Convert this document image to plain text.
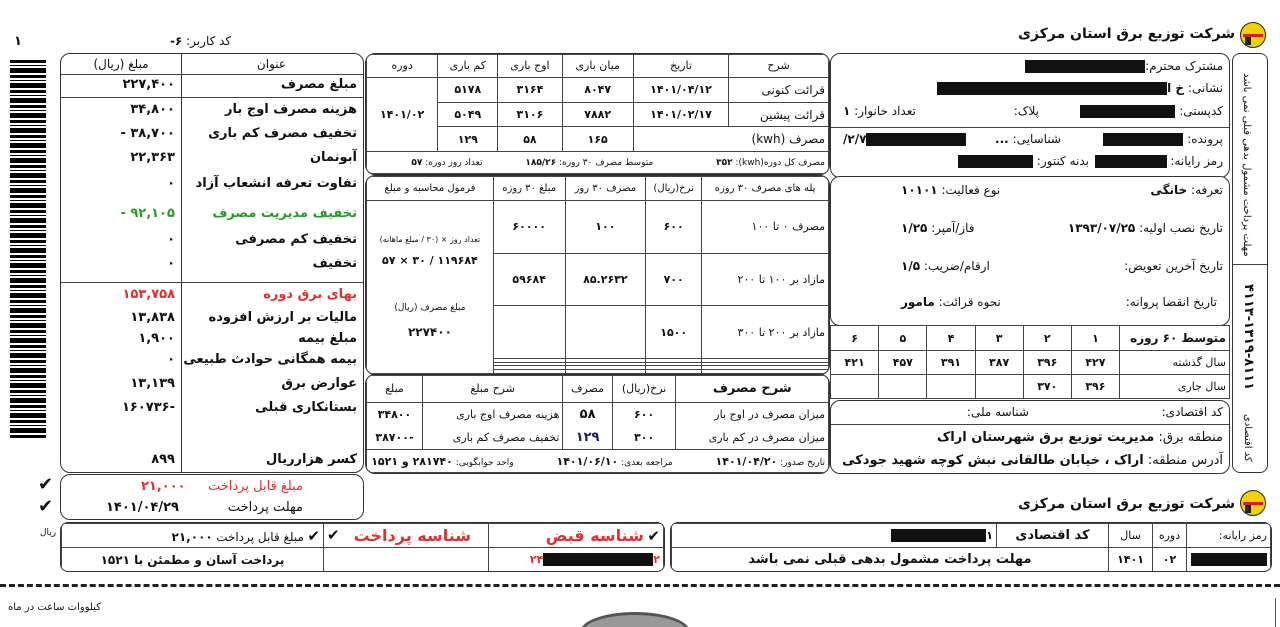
شرکت توزیع برق استان مرکزی
۱	کد کاربر: ۶-
مهلت پرداخت مشمول بدهی قبلی نمی باشد
۴۱۱۳-۱۳۱۹-۸۱۱۱
کد اقتصادی
مشترک محترم:
نشانی: خ ا
کدپستی:
پلاک:
تعداد خانوار: ۱
پرونده:
شناسایی: ...
۲/۷/
رمز رایانه:
بدنه کنتور:
تعرفه: خانگی
نوع فعالیت: ۱۰۱۰۱
تاریخ نصب اولیه: ۱۳۹۳/۰۷/۲۵
فاز/آمپر: ۱/۲۵
تاریخ آخرین تعویض:
ارقام/ضریب: ۱/۵
تاریخ انقضا پروانه:
نحوه قرائت: مامور
متوسط ۶۰ روزه	۱	۲	۳	۴	۵	۶
سال گذشته	۴۲۷	۳۹۶	۳۸۷	۳۹۱	۴۵۷	۴۲۱
سال جاری	۳۹۶	۳۷۰				
کد اقتصادی:
شناسه ملی:
منطقه برق: مدیریت توزیع برق شهرستان اراک
آدرس منطقه: اراک ، خیابان طالقانی نبش کوچه شهید جودکی
شرح	تاریخ	میان باری	اوج باری	کم باری	دوره
قرائت کنونی	۱۴۰۱/۰۴/۱۲	۸۰۴۷	۳۱۶۴	۵۱۷۸	۱۴۰۱/۰۲
قرائت پیشین	۱۴۰۱/۰۲/۱۷	۷۸۸۲	۳۱۰۶	۵۰۴۹	
مصرف (kwh)		۱۶۵	۵۸	۱۲۹	
مصرف کل دوره(kwh): ۳۵۲ متوسط مصرف ۳۰ روزه: ۱۸۵/۲۶ تعداد روز دوره: ۵۷					
پله های مصرف ۳۰ روزه	نرخ(ریال)	مصرف ۳۰ روز	مبلغ ۳۰ روزه	فرمول محاسبه و مبلغ
مصرف ۰ تا ۱۰۰	۶۰۰	۱۰۰	۶۰۰۰۰	تعداد روز × (۳۰ / مبلغ ماهانه)
۱۱۹۶۸۴ / ۳۰ × ۵۷
مبلغ مصرف (ریال)
۲۲۷۴۰۰

مازاد بر ۱۰۰ تا ۲۰۰	۷۰۰	۸۵.۲۶۳۲	۵۹۶۸۴	
مازاد بر ۲۰۰ تا ۳۰۰	۱۵۰۰			

شرح مصرف	نرخ(ریال)	مصرف	شرح مبلغ	مبلغ
میزان مصرف در اوج بار	۶۰۰	۵۸	هزینه مصرف اوج باری	۳۴۸۰۰
میزان مصرف در کم باری	۳۰۰	۱۲۹	تخفیف مصرف کم باری	-۳۸۷۰۰
تاریخ صدور: ۱۴۰۱/۰۴/۲۰ مراجعه بعدی: ۱۴۰۱/۰۶/۱۰ واحد جوابگویی: ۲۸۱۷۴۰ و ۱۵۲۱				
عنوان
مبلغ (ریال)
مبلغ مصرف
۲۲۷,۴۰۰
هزینه مصرف اوج بار
۳۴,۸۰۰
تخفیف مصرف کم باری
۳۸,۷۰۰ -
آبونمان
۲۲,۳۶۳
تفاوت تعرفه انشعاب آزاد
۰
تخفیف مدیریت مصرف
۹۲,۱۰۵ -
تخفیف کم مصرفی
۰
تخفیف
۰
بهای برق دوره
۱۵۳,۷۵۸
مالیات بر ارزش افزوده
۱۳,۸۳۸
مبلغ بیمه
۱,۹۰۰
بیمه همگانی حوادث طبیعی
۰
عوارض برق
۱۳,۱۳۹
بستانکاری قبلی
-۱۶۰۷۳۶
کسر هزارریال
۸۹۹
✔
✔
مبلغ قابل پرداخت
۲۱,۰۰۰
مهلت پرداخت
۱۴۰۱/۰۴/۲۹
ریال	✔ شناسه قبض	شناسه پرداخت
✔	✔ مبلغ قابل پرداخت ۲۱,۰۰۰
۲۲۴		پرداخت آسان و مطمئن با ۱۵۲۱
شرکت توزیع برق استان مرکزی
رمز رایانه:	دوره	سال	کد اقتصادی	۱
	۰۲	۱۴۰۱	مهلت پرداخت مشمول بدهی قبلی نمی باشد	
کیلووات ساعت در ماه
